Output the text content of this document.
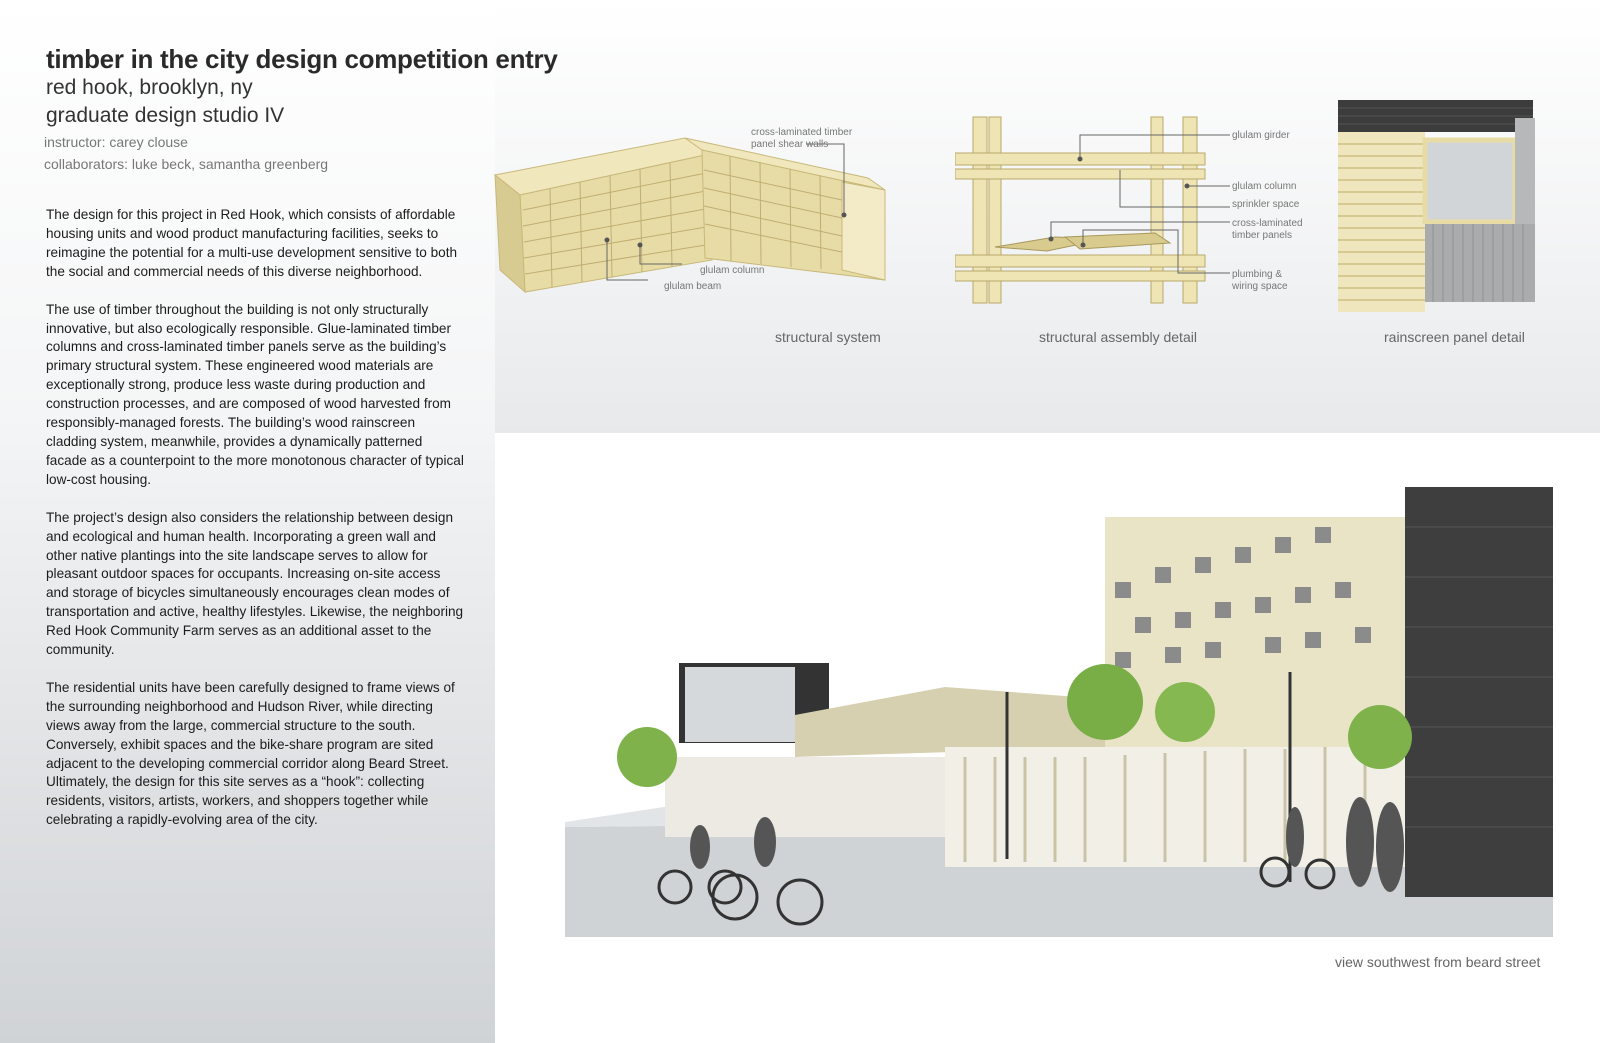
timber in the city design competition entry
red hook, brooklyn, ny
graduate design studio IV
instructor: carey clouse
collaborators: luke beck, samantha greenberg

The design for this project in Red Hook, which consists of affordable housing units and wood product manufacturing facilities, seeks to reimagine the potential for a multi-use development sensitive to both the social and commercial needs of this diverse neighborhood.

The use of timber throughout the building is not only structurally innovative, but also ecologically responsible. Glue-laminated timber columns and cross-laminated timber panels serve as the building’s primary structural system. These engineered wood materials are exceptionally strong, produce less waste during production and construction processes, and are composed of wood harvested from responsibly-managed forests. The building’s wood rainscreen cladding system, meanwhile, provides a dynamically patterned facade as a counterpoint to the more monotonous character of typical low-cost housing.

The project’s design also considers the relationship between design and ecological and human health. Incorporating a green wall and other native plantings into the site landscape serves to allow for pleasant outdoor spaces for occupants. Increasing on-site access and storage of bicycles simultaneously encourages clean modes of transportation and active, healthy lifestyles. Likewise, the neighboring Red Hook Community Farm serves as an additional asset to the community.

The residential units have been carefully designed to frame views of the surrounding neighborhood and Hudson River, while directing views away from the large, commercial structure to the south. Conversely, exhibit spaces and the bike-share program are sited adjacent to the developing commercial corridor along Beard Street. Ultimately, the design for this site serves as a “hook”: collecting residents, visitors, artists, workers, and shoppers together while celebrating a rapidly-evolving area of the city.

cross-laminated timber panel shear walls
glulam column
glulam beam
structural system
glulam girder
glulam column
sprinkler space
cross-laminated timber panels
plumbing & wiring space
structural assembly detail	rainscreen panel detail
view southwest from beard street
